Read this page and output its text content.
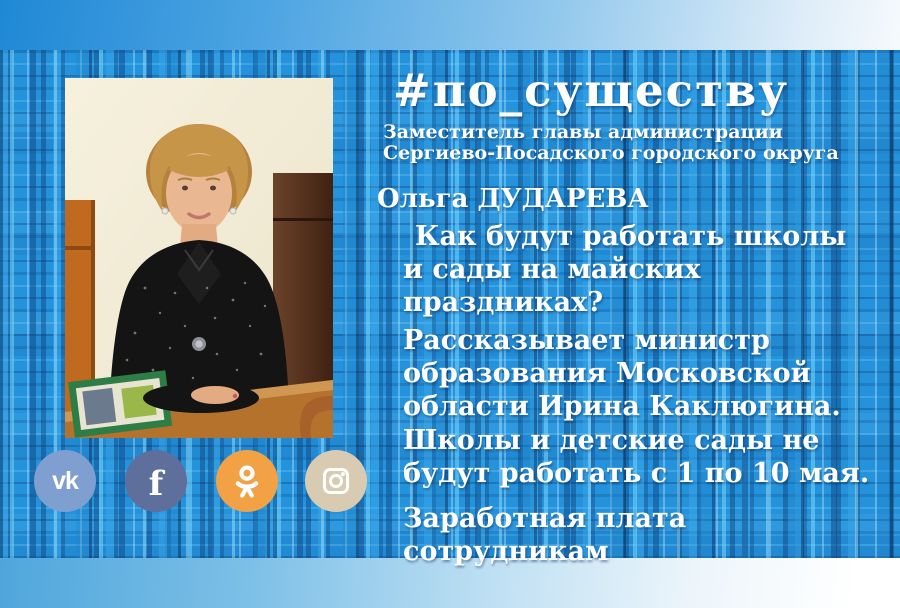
#по_существу
Заместитель главы администрации
Сергиево-Посадского городского округа
Ольга ДУДАРЕВА
Как будут работать школы
и сады на майских
праздниках?
Рассказывает министр
образования Московской
области Ирина Каклюгина.
Школы и детские сады не
будут работать с 1 по 10 мая.
Заработная плата
сотрудникам
vk f
